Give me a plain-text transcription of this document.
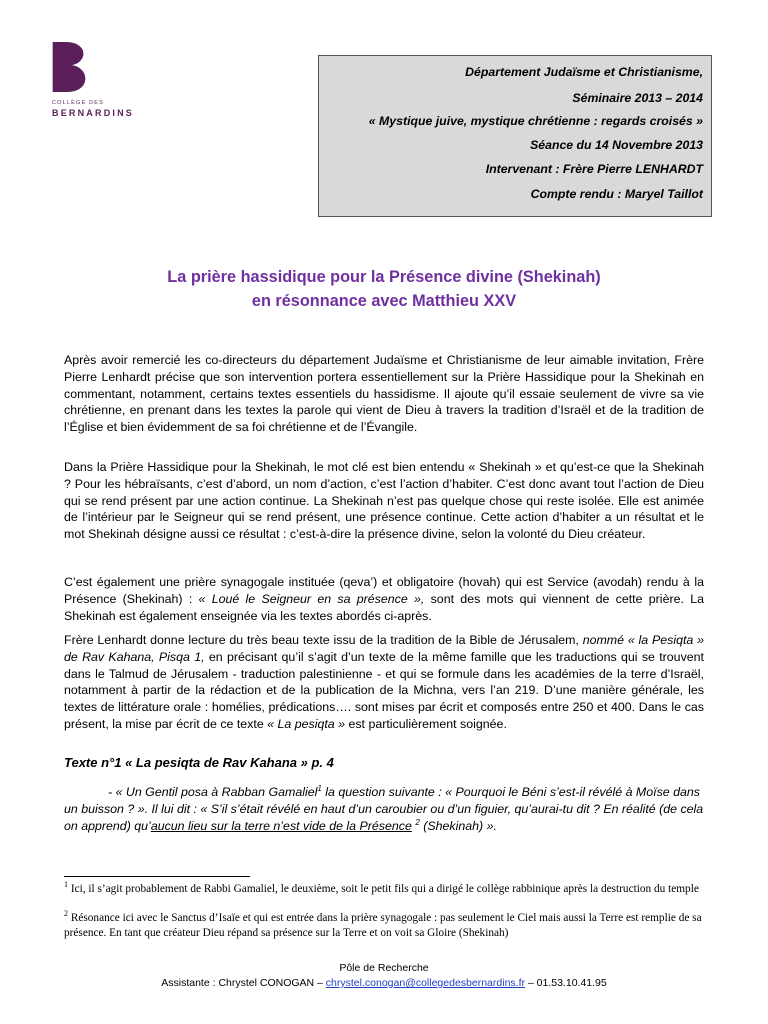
COLLÈGE DES
BERNARDINS
Département Judaïsme et Christianisme,
Séminaire 2013 – 2014
« Mystique juive, mystique chrétienne : regards croisés »
Séance du 14 Novembre 2013
Intervenant : Frère Pierre LENHARDT
Compte rendu : Maryel Taillot
La prière hassidique pour la Présence divine (Shekinah)
en résonnance avec Matthieu XXV

Après avoir remercié les co-directeurs du département Judaïsme et Christianisme de leur aimable invitation, Frère Pierre Lenhardt précise que son intervention portera essentiellement sur la Prière Hassidique pour la Shekinah en commentant, notamment, certains textes essentiels du hassidisme. Il ajoute qu’il essaie seulement de vivre sa vie chrétienne, en prenant dans les textes la parole qui vient de Dieu à travers la tradition d’Israël et de la tradition de l’Église et bien évidemment de sa foi chrétienne et de l’Évangile.

Dans la Prière Hassidique pour la Shekinah, le mot clé est bien entendu « Shekinah » et qu’est-ce que la Shekinah ? Pour les hébraïsants, c’est d’abord, un nom d’action, c’est l’action d’habiter. C’est donc avant tout l’action de Dieu qui se rend présent par une action continue. La Shekinah n’est pas quelque chose qui reste isolée. Elle est animée de l’intérieur par le Seigneur qui se rend présent, une présence continue. Cette action d’habiter a un résultat et le mot Shekinah désigne aussi ce résultat : c’est-à-dire la présence divine, selon la volonté du Dieu créateur.

C’est également une prière synagogale instituée (qeva’) et obligatoire (hovah) qui est Service (avodah) rendu à la Présence (Shekinah) : « Loué le Seigneur en sa présence », sont des mots qui viennent de cette prière. La Shekinah est également enseignée via les textes abordés ci-après.

Frère Lenhardt donne lecture du très beau texte issu de la tradition de la Bible de Jérusalem, nommé « la Pesiqta » de Rav Kahana, Pisqa 1, en précisant qu’il s’agit d’un texte de la même famille que les traductions qui se trouvent dans le Talmud de Jérusalem - traduction palestinienne - et qui se formule dans les académies de la terre d’Israël, notamment à partir de la rédaction et de la publication de la Michna, vers l’an 219. D’une manière générale, les textes de littérature orale : homélies, prédications…. sont mises par écrit et composés entre 250 et 400. Dans le cas présent, la mise par écrit de ce texte « La pesiqta » est particulièrement soignée.

Texte n°1 « La pesiqta de Rav Kahana » p. 4
- « Un Gentil posa à Rabban Gamaliel$^1$ la question suivante : « Pourquoi le Béni s’est-il révélé à Moïse dans un buisson ? ». Il lui dit : « S’il s’était révélé en haut d’un caroubier ou d’un figuier, qu’aurai-tu dit ? En réalité (de cela on apprend) qu’aucun lieu sur la terre n’est vide de la Présence $^2$ (Shekinah) ».
$^1$ Ici, il s’agit probablement de Rabbi Gamaliel, le deuxième, soit le petit fils qui a dirigé le collège rabbinique après la destruction du temple
$^2$ Résonance ici avec le Sanctus d’Isaïe et qui est entrée dans la prière synagogale : pas seulement le Ciel mais aussi la Terre est remplie de sa présence. En tant que créateur Dieu répand sa présence sur la Terre et on voit sa Gloire (Shekinah)
Pôle de Recherche
Assistante : Chrystel CONOGAN – chrystel.conogan@collegedesbernardins.fr – 01.53.10.41.95
